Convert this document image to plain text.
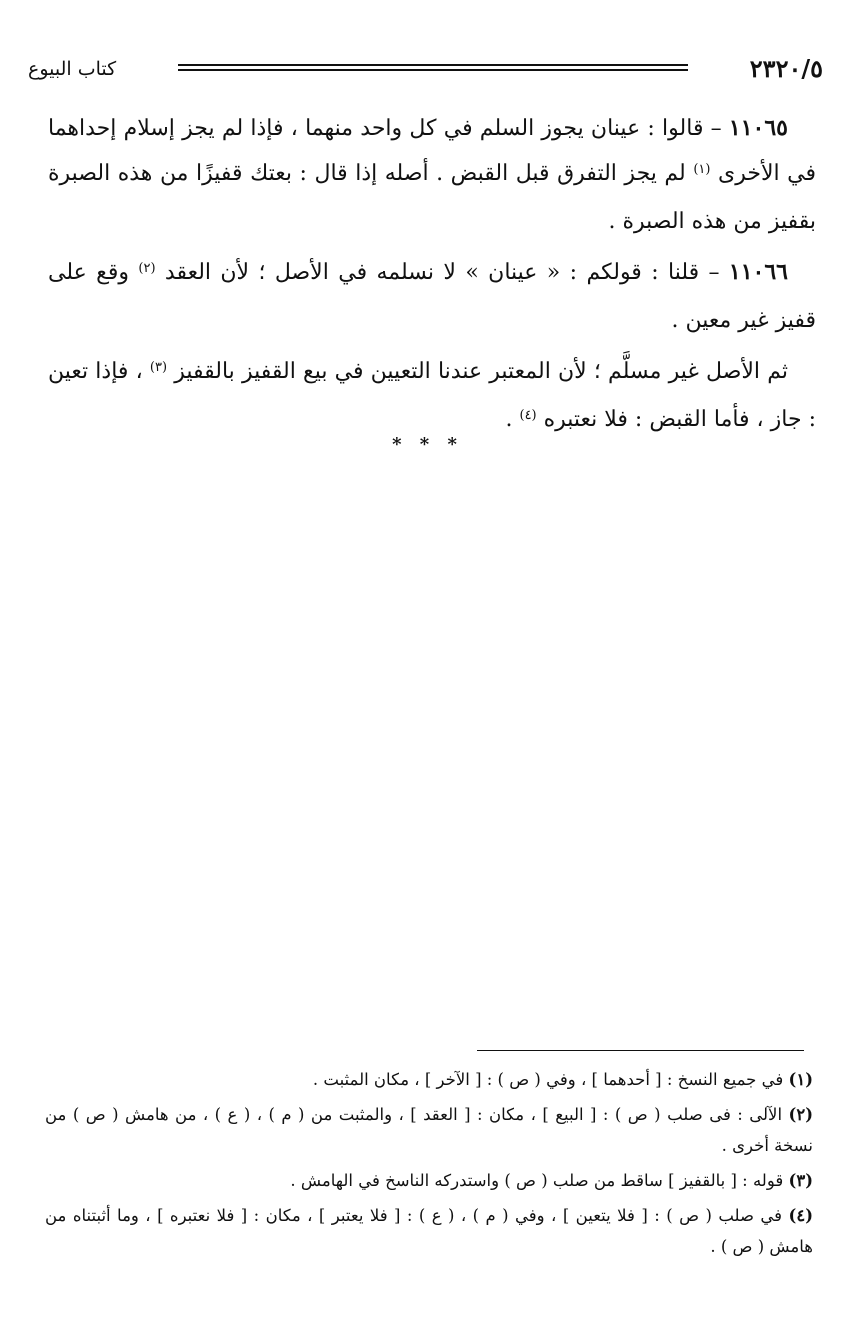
٢٣٢٠/٥
كتاب البيوع

١١٠٦٥ – قالوا : عينان يجوز السلم في كل واحد منهما ، فإذا لم يجز إسلام إحداهما في الأخرى $^{(١)}$ لم يجز التفرق قبل القبض . أصله إذا قال : بعتك قفيزًا من هذه الصبرة بقفيز من هذه الصبرة .

١١٠٦٦ – قلنا : قولكم : « عينان » لا نسلمه في الأصل ؛ لأن العقد $^{(٢)}$ وقع على قفيز غير معين .

ثم الأصل غير مسلَّم ؛ لأن المعتبر عندنا التعيين في بيع القفيز بالقفيز $^{(٣)}$ ، فإذا تعين : جاز ، فأما القبض : فلا نعتبره $^{(٤)}$ .

* * *

(١) في جميع النسخ : [ أحدهما ] ، وفي ( ص ) : [ الآخر ] ، مكان المثبت .

(٢) الآلى : فى صلب ( ص ) : [ البيع ] ، مكان : [ العقد ] ، والمثبت من ( م ) ، ( ع ) ، من هامش ( ص ) من نسخة أخرى .

(٣) قوله : [ بالقفيز ] ساقط من صلب ( ص ) واستدركه الناسخ في الهامش .

(٤) في صلب ( ص ) : [ فلا يتعين ] ، وفي ( م ) ، ( ع ) : [ فلا يعتبر ] ، مكان : [ فلا نعتبره ] ، وما أثبتناه من هامش ( ص ) .
